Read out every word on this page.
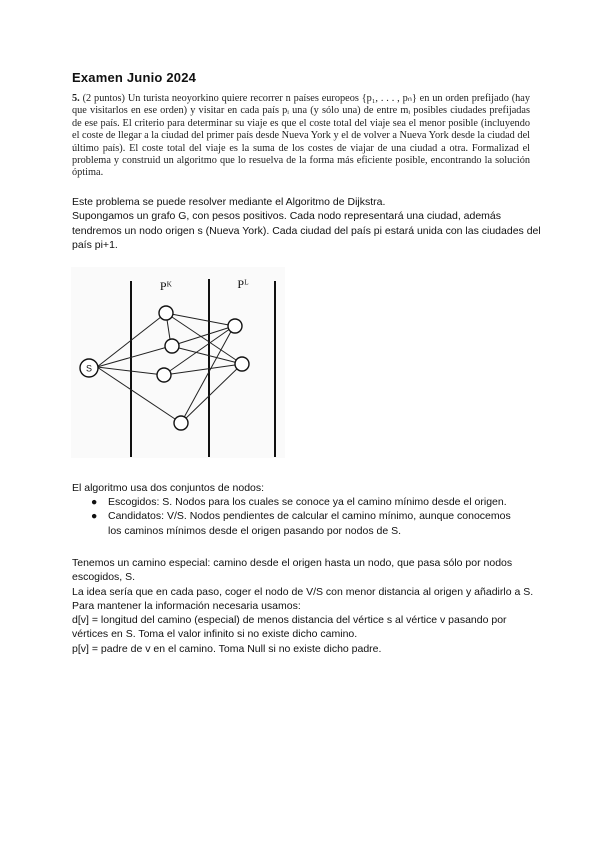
Examen Junio 2024
5. (2 puntos) Un turista neoyorkino quiere recorrer n países europeos {p₁, . . . , pₙ} en un orden prefijado (hay que visitarlos en ese orden) y visitar en cada país pᵢ una (y sólo una) de entre mᵢ posibles ciudades prefijadas de ese país. El criterio para determinar su viaje es que el coste total del viaje sea el menor posible (incluyendo el coste de llegar a la ciudad del primer país desde Nueva York y el de volver a Nueva York desde la ciudad del último país). El coste total del viaje es la suma de los costes de viajar de una ciudad a otra. Formalizad el problema y construid un algoritmo que lo resuelva de la forma más eficiente posible, encontrando la solución óptima.

Este problema se puede resolver mediante el Algoritmo de Dijkstra.

Supongamos un grafo G, con pesos positivos. Cada nodo representará una ciudad, además tendremos un nodo origen s (Nueva York). Cada ciudad del país pi estará unida con las ciudades del país pi+1.

S
Pᴷ	Pᴸ
El algoritmo usa dos conjuntos de nodos:
● Escogidos: S. Nodos para los cuales se conoce ya el camino mínimo desde el origen.
● Candidatos: V/S. Nodos pendientes de calcular el camino mínimo, aunque conocemos los caminos mínimos desde el origen pasando por nodos de S.

Tenemos un camino especial: camino desde el origen hasta un nodo, que pasa sólo por nodos escogidos, S.

La idea sería que en cada paso, coger el nodo de V/S con menor distancia al origen y añadirlo a S.

Para mantener la información necesaria usamos:

d[v] = longitud del camino (especial) de menos distancia del vértice s al vértice v pasando por vértices en S. Toma el valor infinito si no existe dicho camino.

p[v] = padre de v en el camino. Toma Null si no existe dicho padre.
